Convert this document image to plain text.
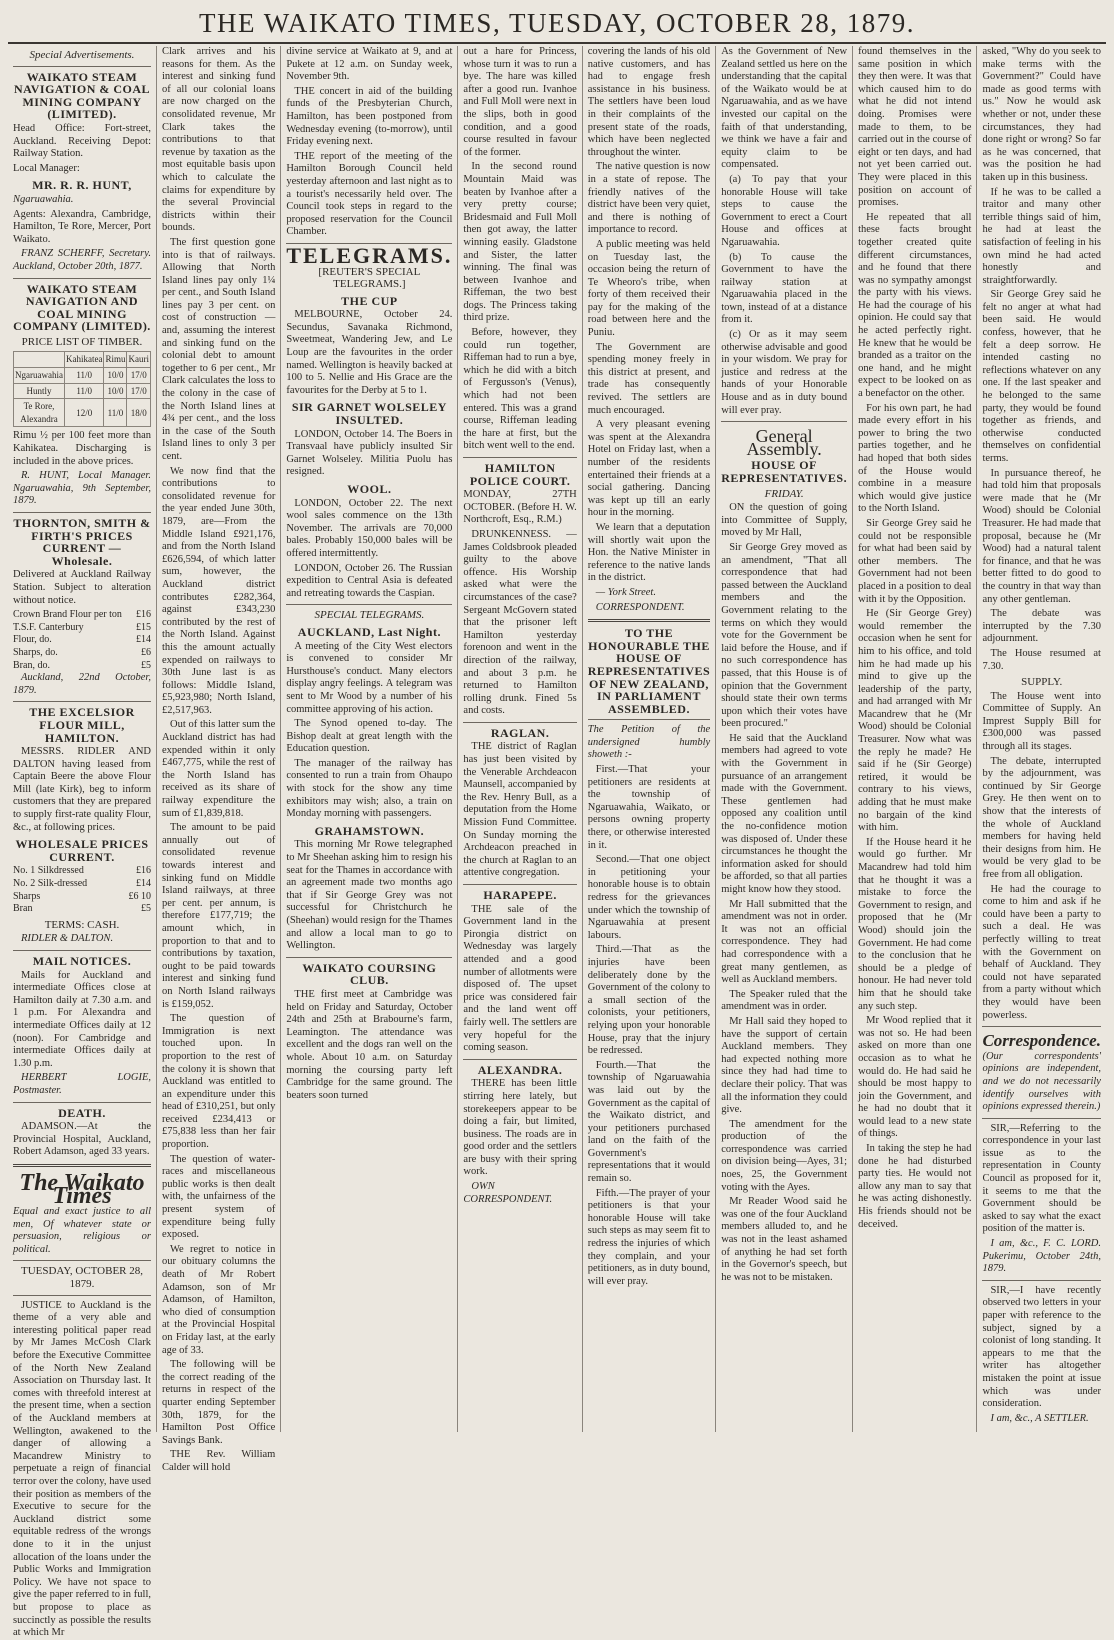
THE WAIKATO TIMES, TUESDAY, OCTOBER 28, 1879.
Special Advertisements.
WAIKATO STEAM NAVIGATION & COAL MINING COMPANY (LIMITED).

Head Office: Fort-street, Auckland. Receiving Depot: Railway Station.

Local Manager:

MR. R. R. HUNT,

Ngaruawahia.

Agents: Alexandra, Cambridge, Hamilton, Te Rore, Mercer, Port Waikato.

FRANZ SCHERFF, Secretary. Auckland, October 20th, 1877.

WAIKATO STEAM NAVIGATION AND COAL MINING COMPANY (LIMITED).
PRICE LIST OF TIMBER.
	Kahikatea	Rimu	Kauri
Ngaruawahia	11/0	10/0	17/0
Huntly	11/0	10/0	17/0
Te Rore, Alexandra	12/0	11/0	18/0

Rimu ½ per 100 feet more than Kahikatea. Discharging is included in the above prices.

R. HUNT, Local Manager. Ngaruawahia, 9th September, 1879.

THORNTON, SMITH & FIRTH'S PRICES CURRENT — Wholesale.

Delivered at Auckland Railway Station. Subject to alteration without notice.

Crown Brand Flour per ton £16
T.S.F. Canterbury	£15
Flour, do.	£14
Sharps, do.	£6
Bran, do.	£5

Auckland, 22nd October, 1879.

THE EXCELSIOR FLOUR MILL, HAMILTON.

MESSRS. RIDLER AND DALTON having leased from Captain Beere the above Flour Mill (late Kirk), beg to inform customers that they are prepared to supply first-rate quality Flour, &c., at following prices.

WHOLESALE PRICES CURRENT.
No. 1 Silkdressed	£16
No. 2 Silk-dressed	£14
Sharps	£6 10
Bran	£5
TERMS: CASH.

RIDLER & DALTON.

MAIL NOTICES.

Mails for Auckland and intermediate Offices close at Hamilton daily at 7.30 a.m. and 1 p.m. For Alexandra and intermediate Offices daily at 12 (noon). For Cambridge and intermediate Offices daily at 1.30 p.m.

HERBERT LOGIE, Postmaster.

DEATH.

ADAMSON.—At the Provincial Hospital, Auckland, Robert Adamson, aged 33 years.

The Waikato Times

Equal and exact justice to all men, Of whatever state or persuasion, religious or political.

TUESDAY, OCTOBER 28, 1879.

JUSTICE to Auckland is the theme of a very able and interesting political paper read by Mr James McCosh Clark before the Executive Committee of the North New Zealand Association on Thursday last. It comes with threefold interest at the present time, when a section of the Auckland members at Wellington, awakened to the danger of allowing a Macandrew Ministry to perpetuate a reign of financial terror over the colony, have used their position as members of the Executive to secure for the Auckland district some equitable redress of the wrongs done to it in the unjust allocation of the loans under the Public Works and Immigration Policy. We have not space to give the paper referred to in full, but propose to place as succinctly as possible the results at which Mr

Clark arrives and his reasons for them. As the interest and sinking fund of all our colonial loans are now charged on the consolidated revenue, Mr Clark takes the contributions to that revenue by taxation as the most equitable basis upon which to calculate the claims for expenditure by the several Provincial districts within their bounds.

The first question gone into is that of railways. Allowing that North Island lines pay only 1¼ per cent., and South Island lines pay 3 per cent. on cost of construction — and, assuming the interest and sinking fund on the colonial debt to amount together to 6 per cent., Mr Clark calculates the loss to the colony in the case of the North Island lines at 4¾ per cent., and the loss in the case of the South Island lines to only 3 per cent.

We now find that the contributions to consolidated revenue for the year ended June 30th, 1879, are—From the Middle Island £921,176, and from the North Island £626,594, of which latter sum, however, the Auckland district contributes £282,364, against £343,230 contributed by the rest of the North Island. Against this the amount actually expended on railways to 30th June last is as follows: Middle Island, £5,923,980; North Island, £2,517,963.

Out of this latter sum the Auckland district has had expended within it only £467,775, while the rest of the North Island has received as its share of railway expenditure the sum of £1,839,818.

The amount to be paid annually out of consolidated revenue towards interest and sinking fund on Middle Island railways, at three per cent. per annum, is therefore £177,719; the amount which, in proportion to that and to contributions by taxation, ought to be paid towards interest and sinking fund on North Island railways is £159,052.

The question of Immigration is next touched upon. In proportion to the rest of the colony it is shown that Auckland was entitled to an expenditure under this head of £310,251, but only received £234,413 or £75,838 less than her fair proportion.

The question of water-races and miscellaneous public works is then dealt with, the unfairness of the present system of expenditure being fully exposed.

We regret to notice in our obituary columns the death of Mr Robert Adamson, son of Mr Adamson, of Hamilton, who died of consumption at the Provincial Hospital on Friday last, at the early age of 33.

The following will be the correct reading of the returns in respect of the quarter ending September 30th, 1879, for the Hamilton Post Office Savings Bank.

THE Rev. William Calder will hold

divine service at Waikato at 9, and at Pukete at 12 a.m. on Sunday week, November 9th.

THE concert in aid of the building funds of the Presbyterian Church, Hamilton, has been postponed from Wednesday evening (to-morrow), until Friday evening next.

THE report of the meeting of the Hamilton Borough Council held yesterday afternoon and last night as to a tourist's necessarily held over. The Council took steps in regard to the proposed reservation for the Council Chamber.

TELEGRAMS.
[REUTER'S SPECIAL TELEGRAMS.]
THE CUP

MELBOURNE, October 24. Secundus, Savanaka Richmond, Sweetmeat, Wandering Jew, and Le Loup are the favourites in the order named. Wellington is heavily backed at 100 to 5. Nellie and His Grace are the favourites for the Derby at 5 to 1.

SIR GARNET WOLSELEY INSULTED.

LONDON, October 14. The Boers in Transvaal have publicly insulted Sir Garnet Wolseley. Militia Puolu has resigned.

WOOL.

LONDON, October 22. The next wool sales commence on the 13th November. The arrivals are 70,000 bales. Probably 150,000 bales will be offered intermittently.

LONDON, October 26. The Russian expedition to Central Asia is defeated and retreating towards the Caspian.

SPECIAL TELEGRAMS.
AUCKLAND, Last Night.

A meeting of the City West electors is convened to consider Mr Hursthouse's conduct. Many electors display angry feelings. A telegram was sent to Mr Wood by a number of his committee approving of his action.

The Synod opened to-day. The Bishop dealt at great length with the Education question.

The manager of the railway has consented to run a train from Ohaupo with stock for the show any time exhibitors may wish; also, a train on Monday morning with passengers.

GRAHAMSTOWN.

This morning Mr Rowe telegraphed to Mr Sheehan asking him to resign his seat for the Thames in accordance with an agreement made two months ago that if Sir George Grey was not successful for Christchurch he (Sheehan) would resign for the Thames and allow a local man to go to Wellington.

WAIKATO COURSING CLUB.

THE first meet at Cambridge was held on Friday and Saturday, October 24th and 25th at Brabourne's farm, Leamington. The attendance was excellent and the dogs ran well on the whole. About 10 a.m. on Saturday morning the coursing party left Cambridge for the same ground. The beaters soon turned

out a hare for Princess, whose turn it was to run a bye. The hare was killed after a good run. Ivanhoe and Full Moll were next in the slips, both in good condition, and a good course resulted in favour of the former.

In the second round Mountain Maid was beaten by Ivanhoe after a very pretty course; Bridesmaid and Full Moll then got away, the latter winning easily. Gladstone and Sister, the latter winning. The final was between Ivanhoe and Riffeman, the two best dogs. The Princess taking third prize.

Before, however, they could run together, Riffeman had to run a bye, which he did with a bitch of Fergusson's (Venus), which had not been entered. This was a grand course, Riffeman leading the hare at first, but the bitch went well to the end.

HAMILTON POLICE COURT.

MONDAY, 27TH OCTOBER. (Before H. W. Northcroft, Esq., R.M.)

DRUNKENNESS. — James Coldsbrook pleaded guilty to the above offence. His Worship asked what were the circumstances of the case? Sergeant McGovern stated that the prisoner left Hamilton yesterday forenoon and went in the direction of the railway, and about 3 p.m. he returned to Hamilton rolling drunk. Fined 5s and costs.

RAGLAN.

THE district of Raglan has just been visited by the Venerable Archdeacon Maunsell, accompanied by the Rev. Henry Bull, as a deputation from the Home Mission Fund Committee. On Sunday morning the Archdeacon preached in the church at Raglan to an attentive congregation.

HARAPEPE.

THE sale of the Government land in the Pirongia district on Wednesday was largely attended and a good number of allotments were disposed of. The upset price was considered fair and the land went off fairly well. The settlers are very hopeful for the coming season.

ALEXANDRA.

THERE has been little stirring here lately, but storekeepers appear to be doing a fair, but limited, business. The roads are in good order and the settlers are busy with their spring work.

OWN CORRESPONDENT.

covering the lands of his old native customers, and has had to engage fresh assistance in his business. The settlers have been loud in their complaints of the present state of the roads, which have been neglected throughout the winter.

The native question is now in a state of repose. The friendly natives of the district have been very quiet, and there is nothing of importance to record.

A public meeting was held on Tuesday last, the occasion being the return of Te Wheoro's tribe, when forty of them received their pay for the making of the road between here and the Puniu.

The Government are spending money freely in this district at present, and trade has consequently revived. The settlers are much encouraged.

A very pleasant evening was spent at the Alexandra Hotel on Friday last, when a number of the residents entertained their friends at a social gathering. Dancing was kept up till an early hour in the morning.

We learn that a deputation will shortly wait upon the Hon. the Native Minister in reference to the native lands in the district.

— York Street.

CORRESPONDENT.

TO THE HONOURABLE THE HOUSE OF REPRESENTATIVES OF NEW ZEALAND, IN PARLIAMENT ASSEMBLED.

The Petition of the undersigned humbly showeth :-

First.—That your petitioners are residents at the township of Ngaruawahia, Waikato, or persons owning property there, or otherwise interested in it.

Second.—That one object in petitioning your honorable house is to obtain redress for the grievances under which the township of Ngaruawahia at present labours.

Third.—That as the injuries have been deliberately done by the Government of the colony to a small section of the colonists, your petitioners, relying upon your honorable House, pray that the injury be redressed.

Fourth.—That the township of Ngaruawahia was laid out by the Government as the capital of the Waikato district, and your petitioners purchased land on the faith of the Government's representations that it would remain so.

Fifth.—The prayer of your petitioners is that your honorable House will take such steps as may seem fit to redress the injuries of which they complain, and your petitioners, as in duty bound, will ever pray.

As the Government of New Zealand settled us here on the understanding that the capital of the Waikato would be at Ngaruawahia, and as we have invested our capital on the faith of that understanding, we think we have a fair and equity claim to be compensated.

(a) To pay that your honorable House will take steps to cause the Government to erect a Court House and offices at Ngaruawahia.

(b) To cause the Government to have the railway station at Ngaruawahia placed in the town, instead of at a distance from it.

(c) Or as it may seem otherwise advisable and good in your wisdom. We pray for justice and redress at the hands of your Honorable House and as in duty bound will ever pray.

General Assembly.
HOUSE OF REPRESENTATIVES.
FRIDAY.

ON the question of going into Committee of Supply, moved by Mr Hall,

Sir George Grey moved as an amendment, "That all correspondence that had passed between the Auckland members and the Government relating to the terms on which they would vote for the Government be laid before the House, and if no such correspondence has passed, that this House is of opinion that the Government should state their own terms upon which their votes have been procured."

He said that the Auckland members had agreed to vote with the Government in pursuance of an arrangement made with the Government. These gentlemen had opposed any coalition until the no-confidence motion was disposed of. Under these circumstances he thought the information asked for should be afforded, so that all parties might know how they stood.

Mr Hall submitted that the amendment was not in order. It was not an official correspondence. They had had correspondence with a great many gentlemen, as well as Auckland members.

The Speaker ruled that the amendment was in order.

Mr Hall said they hoped to have the support of certain Auckland members. They had expected nothing more since they had had time to declare their policy. That was all the information they could give.

The amendment for the production of the correspondence was carried on division being—Ayes, 31; noes, 25, the Government voting with the Ayes.

Mr Reader Wood said he was one of the four Auckland members alluded to, and he was not in the least ashamed of anything he had set forth in the Governor's speech, but he was not to be mistaken.

found themselves in the same position in which they then were. It was that which caused him to do what he did not intend doing. Promises were made to them, to be carried out in the course of eight or ten days, and had not yet been carried out. They were placed in this position on account of promises.

He repeated that all these facts brought together created quite different circumstances, and he found that there was no sympathy amongst the party with his views. He had the courage of his opinion. He could say that he acted perfectly right. He knew that he would be branded as a traitor on the one hand, and he might expect to be looked on as a benefactor on the other.

For his own part, he had made every effort in his power to bring the two parties together, and he had hoped that both sides of the House would combine in a measure which would give justice to the North Island.

Sir George Grey said he could not be responsible for what had been said by other members. The Government had not been placed in a position to deal with it by the Opposition.

He (Sir George Grey) would remember the occasion when he sent for him to his office, and told him he had made up his mind to give up the leadership of the party, and had arranged with Mr Macandrew that he (Mr Wood) should be Colonial Treasurer. Now what was the reply he made? He said if he (Sir George) retired, it would be contrary to his views, adding that he must make no bargain of the kind with him.

If the House heard it he would go further. Mr Macandrew had told him that he thought it was a mistake to force the Government to resign, and proposed that he (Mr Wood) should join the Government. He had come to the conclusion that he should be a pledge of honour. He had never told him that he should take any such step.

Mr Wood replied that it was not so. He had been asked on more than one occasion as to what he would do. He had said he should be most happy to join the Government, and he had no doubt that it would lead to a new state of things.

In taking the step he had done he had disturbed party ties. He would not allow any man to say that he was acting dishonestly. His friends should not be deceived.

asked, "Why do you seek to make terms with the Government?" Could have made as good terms with us." Now he would ask whether or not, under these circumstances, they had done right or wrong? So far as he was concerned, that was the position he had taken up in this business.

If he was to be called a traitor and many other terrible things said of him, he had at least the satisfaction of feeling in his own mind he had acted honestly and straightforwardly.

Sir George Grey said he felt no anger at what had been said. He would confess, however, that he felt a deep sorrow. He intended casting no reflections whatever on any one. If the last speaker and he belonged to the same party, they would be found together as friends, and otherwise conducted themselves on confidential terms.

In pursuance thereof, he had told him that proposals were made that he (Mr Wood) should be Colonial Treasurer. He had made that proposal, because he (Mr Wood) had a natural talent for finance, and that he was better fitted to do good to the country in that way than any other gentleman.

The debate was interrupted by the 7.30 adjournment.

The House resumed at 7.30.

SUPPLY.

The House went into Committee of Supply. An Imprest Supply Bill for £300,000 was passed through all its stages.

The debate, interrupted by the adjournment, was continued by Sir George Grey. He then went on to show that the interests of the whole of Auckland members for having held their designs from him. He would be very glad to be free from all obligation.

He had the courage to come to him and ask if he could have been a party to such a deal. He was perfectly willing to treat with the Government on behalf of Auckland. They could not have separated from a party without which they would have been powerless.

Correspondence.

(Our correspondents' opinions are independent, and we do not necessarily identify ourselves with opinions expressed therein.)

SIR,—Referring to the correspondence in your last issue as to the representation in County Council as proposed for it, it seems to me that the Government should be asked to say what the exact position of the matter is.

I am, &c., F. C. LORD. Pukerimu, October 24th, 1879.

SIR,—I have recently observed two letters in your paper with reference to the subject, signed by a colonist of long standing. It appears to me that the writer has altogether mistaken the point at issue which was under consideration.

I am, &c., A SETTLER.
